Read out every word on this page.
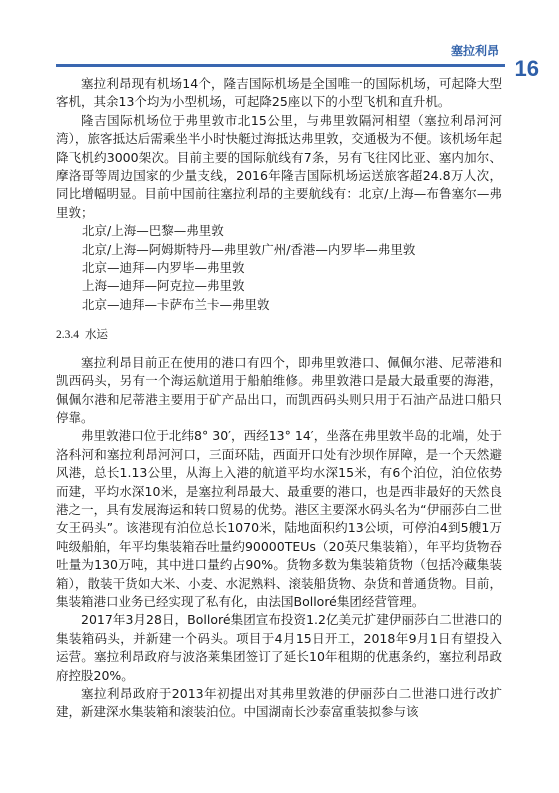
塞拉利昂
16

塞拉利昂现有机场14个，隆吉国际机场是全国唯一的国际机场，可起降大型客机，其余13个均为小型机场，可起降25座以下的小型飞机和直升机。

隆吉国际机场位于弗里敦市北15公里，与弗里敦隔河相望（塞拉利昂河河湾），旅客抵达后需乘坐半小时快艇过海抵达弗里敦，交通极为不便。该机场年起降飞机约3000架次。目前主要的国际航线有7条，另有飞往冈比亚、塞内加尔、摩洛哥等周边国家的少量支线，2016年隆吉国际机场运送旅客超24.8万人次，同比增幅明显。目前中国前往塞拉利昂的主要航线有：北京/上海—布鲁塞尔—弗里敦；

北京/上海—巴黎—弗里敦

北京/上海—阿姆斯特丹—弗里敦广州/香港—内罗毕—弗里敦

北京—迪拜—内罗毕—弗里敦

上海—迪拜—阿克拉—弗里敦

北京—迪拜—卡萨布兰卡—弗里敦

2.3.4 水运

塞拉利昂目前正在使用的港口有四个，即弗里敦港口、佩佩尔港、尼蒂港和凯西码头，另有一个海运航道用于船舶维修。弗里敦港口是最大最重要的海港，佩佩尔港和尼蒂港主要用于矿产品出口，而凯西码头则只用于石油产品进口船只停靠。

弗里敦港口位于北纬8° 30′，西经13° 14′，坐落在弗里敦半岛的北端，处于洛科河和塞拉利昂河河口，三面环陆，西面开口处有沙坝作屏障，是一个天然避风港，总长1.13公里，从海上入港的航道平均水深15米，有6个泊位，泊位依势而建，平均水深10米，是塞拉利昂最大、最重要的港口，也是西非最好的天然良港之一，具有发展海运和转口贸易的优势。港区主要深水码头名为“伊丽莎白二世女王码头”。该港现有泊位总长1070米，陆地面积约13公顷，可停泊4到5艘1万吨级船舶，年平均集装箱吞吐量约90000TEUs（20英尺集装箱），年平均货物吞吐量为130万吨，其中进口量约占90%。货物多数为集装箱货物（包括冷藏集装箱），散装干货如大米、小麦、水泥熟料、滚装船货物、杂货和普通货物。目前，集装箱港口业务已经实现了私有化，由法国Bolloré集团经营管理。

2017年3月28日，Bolloré集团宣布投资1.2亿美元扩建伊丽莎白二世港口的集装箱码头，并新建一个码头。项目于4月15日开工，2018年9月1日有望投入运营。塞拉利昂政府与波洛莱集团签订了延长10年租期的优惠条约，塞拉利昂政府控股20%。

塞拉利昂政府于2013年初提出对其弗里敦港的伊丽莎白二世港口进行改扩建，新建深水集装箱和滚装泊位。中国湖南长沙泰富重装拟参与该
